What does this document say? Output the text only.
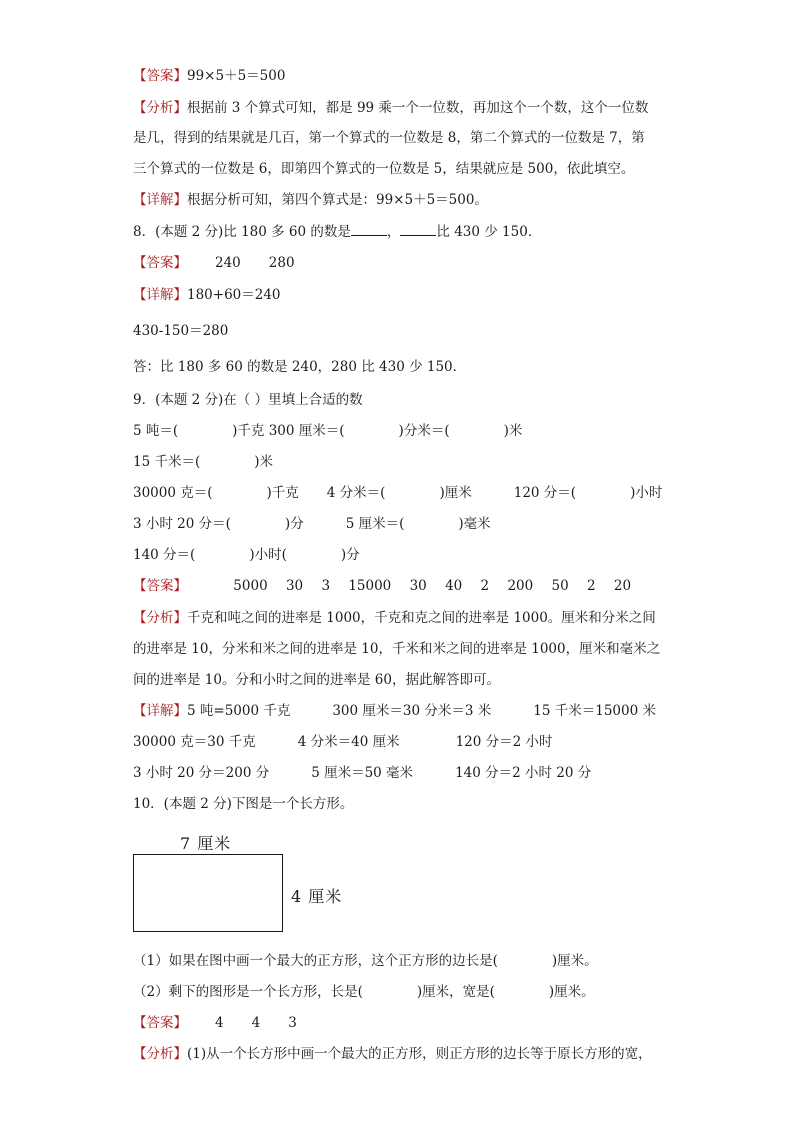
【答案】99×5＋5＝500
【分析】根据前 3 个算式可知，都是 99 乘一个一位数，再加这个一个数，这个一位数
是几，得到的结果就是几百，第一个算式的一位数是 8，第二个算式的一位数是 7，第
三个算式的一位数是 6，即第四个算式的一位数是 5，结果就应是 500，依此填空。
【详解】根据分析可知，第四个算式是：99×5＋5＝500。
8．(本题 2 分)比 180 多 60 的数是	，	比 430 少 150．
【答案】 240 280
【详解】180+60＝240
430-150＝280
答：比 180 多 60 的数是 240，280 比 430 少 150．
9．(本题 2 分)在（ ）里填上合适的数
5 吨＝(	)千克 300 厘米＝(	)分米＝(	)米
15 千米＝(	)米
30000 克＝(	)千克 4 分米＝(	)厘米	120 分＝(	)小时
3 小时 20 分＝(	)分	5 厘米＝(	)毫米
140 分＝(	)小时(	)分
【答案】	5000 30 3 15000 30 40 2 200 50 2 20
【分析】千克和吨之间的进率是 1000，千克和克之间的进率是 1000。厘米和分米之间
的进率是 10，分米和米之间的进率是 10，千米和米之间的进率是 1000，厘米和毫米之
间的进率是 10。分和小时之间的进率是 60，据此解答即可。
【详解】5 吨=5000 千克	300 厘米＝30 分米＝3 米	15 千米＝15000 米
30000 克＝30 千克	4 分米＝40 厘米	120 分＝2 小时
3 小时 20 分＝200 分	5 厘米＝50 毫米	140 分＝2 小时 20 分
10．(本题 2 分)下图是一个长方形。
7 厘米
4 厘米
（1）如果在图中画一个最大的正方形，这个正方形的边长是(	)厘米。
（2）剩下的图形是一个长方形，长是(	)厘米，宽是(	)厘米。
【答案】 4 4 3
【分析】(1)从一个长方形中画一个最大的正方形，则正方形的边长等于原长方形的宽，
